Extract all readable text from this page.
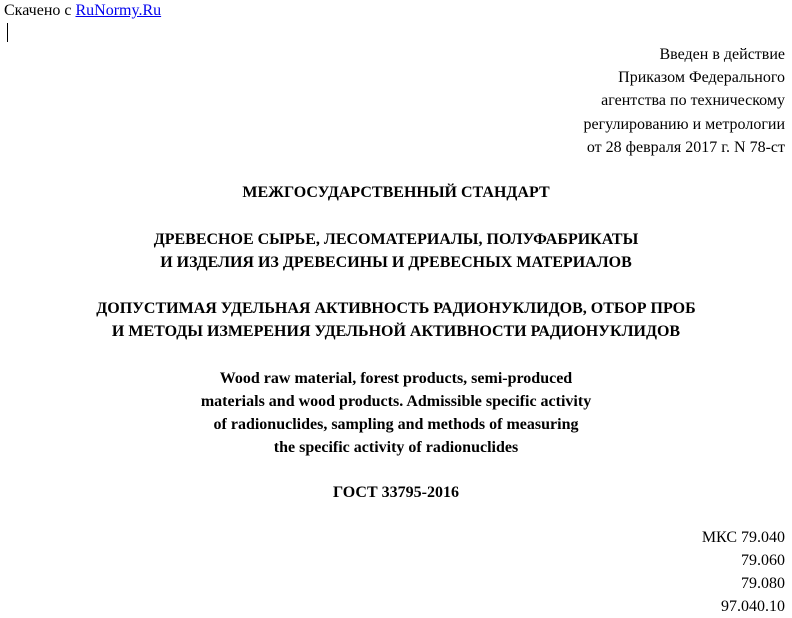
Скачено с RuNormy.Ru
Введен в действие
Приказом Федерального
агентства по техническому
регулированию и метрологии
от 28 февраля 2017 г. N 78-ст
МЕЖГОСУДАРСТВЕННЫЙ СТАНДАРТ
ДРЕВЕСНОЕ СЫРЬЕ, ЛЕСОМАТЕРИАЛЫ, ПОЛУФАБРИКАТЫ
И ИЗДЕЛИЯ ИЗ ДРЕВЕСИНЫ И ДРЕВЕСНЫХ МАТЕРИАЛОВ
ДОПУСТИМАЯ УДЕЛЬНАЯ АКТИВНОСТЬ РАДИОНУКЛИДОВ, ОТБОР ПРОБ
И МЕТОДЫ ИЗМЕРЕНИЯ УДЕЛЬНОЙ АКТИВНОСТИ РАДИОНУКЛИДОВ
Wood raw material, forest products, semi-produced
materials and wood products. Admissible specific activity
of radionuclides, sampling and methods of measuring
the specific activity of radionuclides
ГОСТ 33795-2016
МКС 79.040
79.060
79.080
97.040.10
